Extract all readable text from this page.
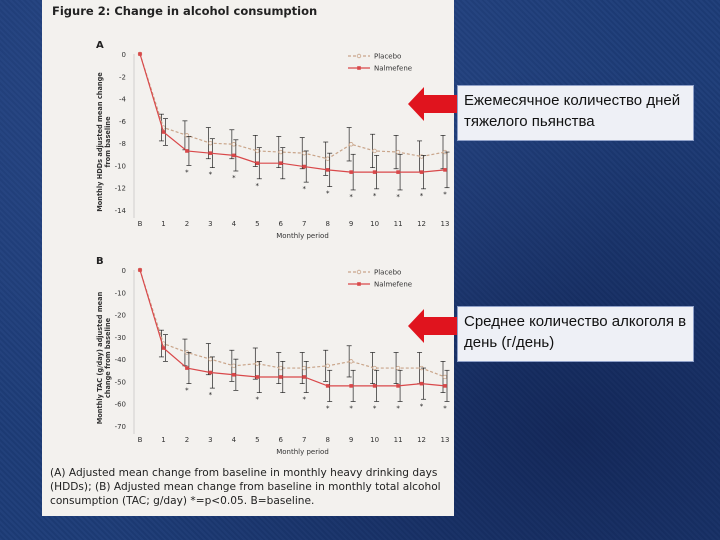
Figure 2: Change in alcohol consumption
A
0
-2
-4
-6
-8
-10
-12
-14
B	1	2	3	4	5	6	7	8	9 10 11 12 13
Monthly period
Monthly HDDs adjusted mean changefrom baseline
*	*	*
*	*
*	*	*	*	*	*
Placebo
Nalmefene
B
0
-10
-20
-30
-40
-50
-60
-70
B	1	2	3	4	5	6	7	8	9 10 11 12 13
Monthly period
Monthly TAC (g/day) adjusted meanchange from baseline	*
*
*	*
*	*	*	*	*	*
Placebo
Nalmefene
(A) Adjusted mean change from baseline in monthly heavy drinking days (HDDs); (B) Adjusted mean change from baseline in monthly total alcohol consumption (TAC; g/day) *=p<0.05. B=baseline.
Ежемесячное количество дней тяжелого пьянства
Среднее количество алкоголя в день (г/день)
